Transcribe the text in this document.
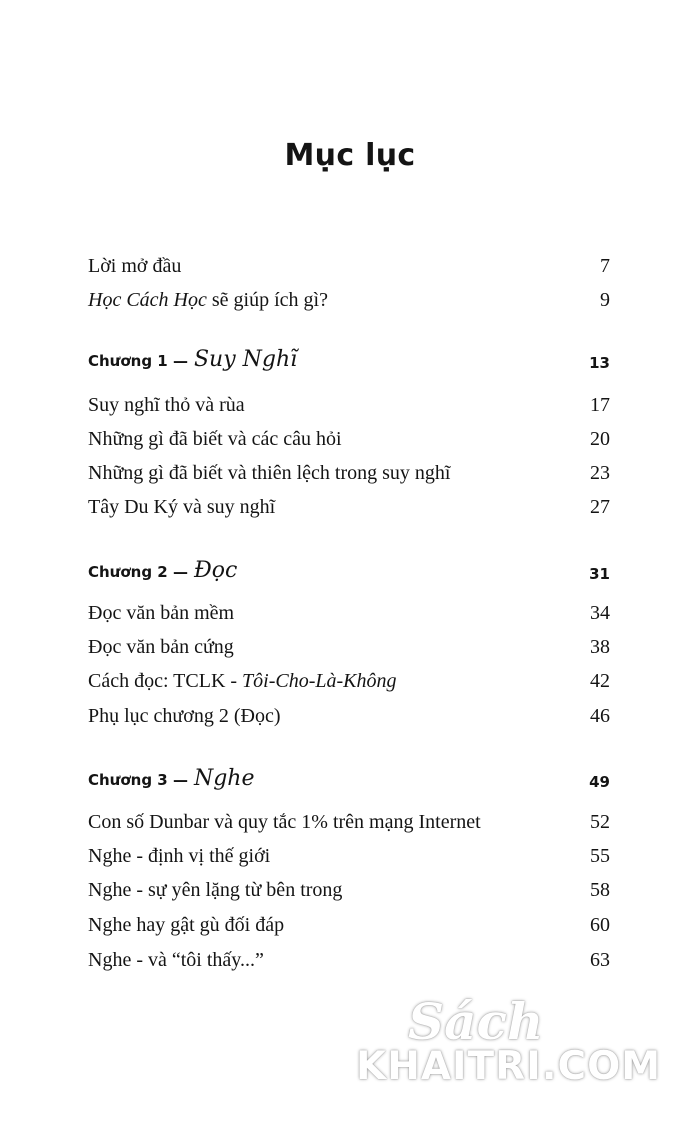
Mục lục
Lời mở đầu	7
Học Cách Học sẽ giúp ích gì?	9
Chương 1 — Suy Nghĩ	13
Suy nghĩ thỏ và rùa	17
Những gì đã biết và các câu hỏi	20
Những gì đã biết và thiên lệch trong suy nghĩ	23
Tây Du Ký và suy nghĩ	27
Chương 2 — Đọc	31
Đọc văn bản mềm	34
Đọc văn bản cứng	38
Cách đọc: TCLK - Tôi-Cho-Là-Không	42
Phụ lục chương 2 (Đọc)	46
Chương 3 — Nghe	49
Con số Dunbar và quy tắc 1% trên mạng Internet	52
Nghe - định vị thế giới	55
Nghe - sự yên lặng từ bên trong	58
Nghe hay gật gù đối đáp	60
Nghe - và “tôi thấy...”	63
Sách
KHAITRI.COM
